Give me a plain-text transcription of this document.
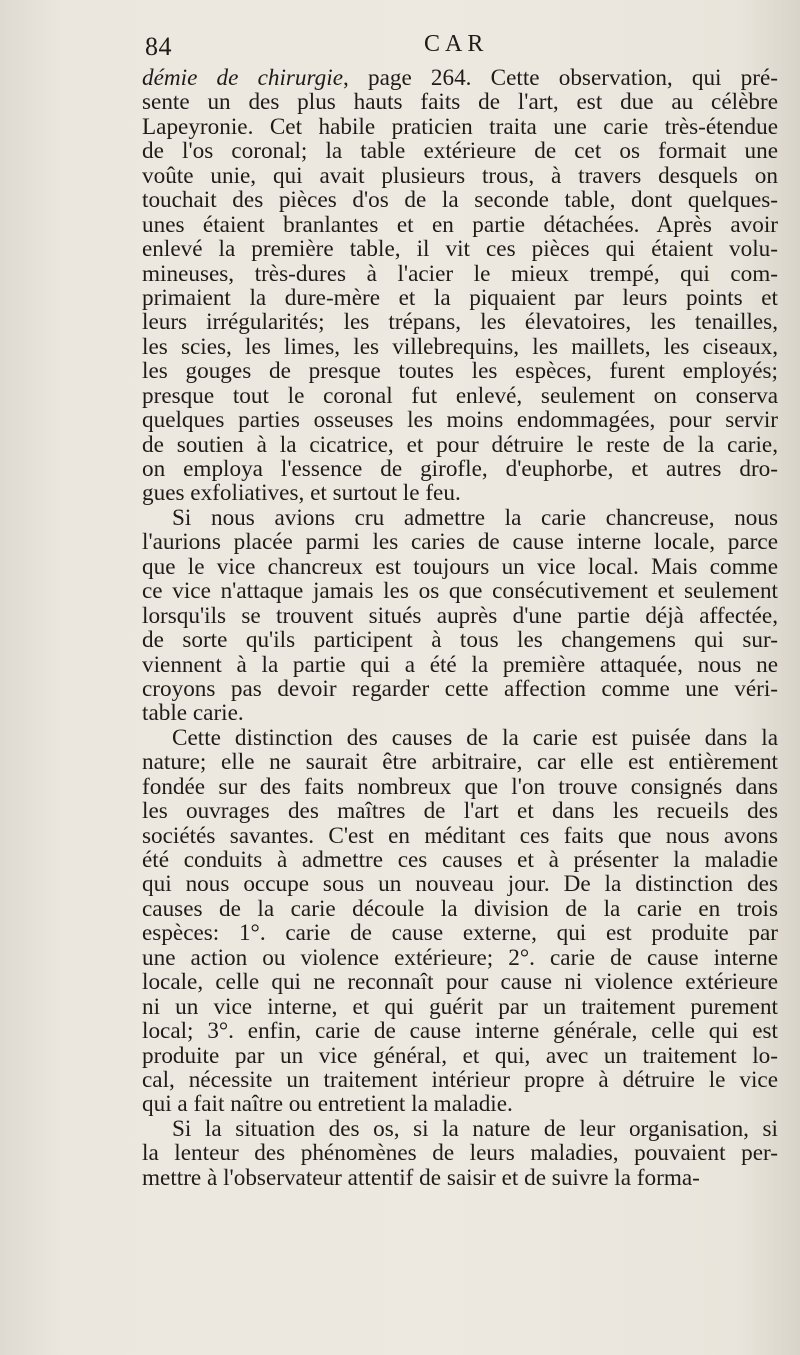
84	CAR
démie de chirurgie, page 264. Cette observation, qui pré-
sente un des plus hauts faits de l'art, est due au célèbre
Lapeyronie. Cet habile praticien traita une carie très-étendue
de l'os coronal; la table extérieure de cet os formait une
voûte unie, qui avait plusieurs trous, à travers desquels on
touchait des pièces d'os de la seconde table, dont quelques-
unes étaient branlantes et en partie détachées. Après avoir
enlevé la première table, il vit ces pièces qui étaient volu-
mineuses, très-dures à l'acier le mieux trempé, qui com-
primaient la dure-mère et la piquaient par leurs points et
leurs irrégularités; les trépans, les élevatoires, les tenailles,
les scies, les limes, les villebrequins, les maillets, les ciseaux,
les gouges de presque toutes les espèces, furent employés;
presque tout le coronal fut enlevé, seulement on conserva
quelques parties osseuses les moins endommagées, pour servir
de soutien à la cicatrice, et pour détruire le reste de la carie,
on employa l'essence de girofle, d'euphorbe, et autres dro-
gues exfoliatives, et surtout le feu.
Si nous avions cru admettre la carie chancreuse, nous
l'aurions placée parmi les caries de cause interne locale, parce
que le vice chancreux est toujours un vice local. Mais comme
ce vice n'attaque jamais les os que consécutivement et seulement
lorsqu'ils se trouvent situés auprès d'une partie déjà affectée,
de sorte qu'ils participent à tous les changemens qui sur-
viennent à la partie qui a été la première attaquée, nous ne
croyons pas devoir regarder cette affection comme une véri-
table carie.
Cette distinction des causes de la carie est puisée dans la
nature; elle ne saurait être arbitraire, car elle est entièrement
fondée sur des faits nombreux que l'on trouve consignés dans
les ouvrages des maîtres de l'art et dans les recueils des
sociétés savantes. C'est en méditant ces faits que nous avons
été conduits à admettre ces causes et à présenter la maladie
qui nous occupe sous un nouveau jour. De la distinction des
causes de la carie découle la division de la carie en trois
espèces: 1°. carie de cause externe, qui est produite par
une action ou violence extérieure; 2°. carie de cause interne
locale, celle qui ne reconnaît pour cause ni violence extérieure
ni un vice interne, et qui guérit par un traitement purement
local; 3°. enfin, carie de cause interne générale, celle qui est
produite par un vice général, et qui, avec un traitement lo-
cal, nécessite un traitement intérieur propre à détruire le vice
qui a fait naître ou entretient la maladie.
Si la situation des os, si la nature de leur organisation, si
la lenteur des phénomènes de leurs maladies, pouvaient per-
mettre à l'observateur attentif de saisir et de suivre la forma-
